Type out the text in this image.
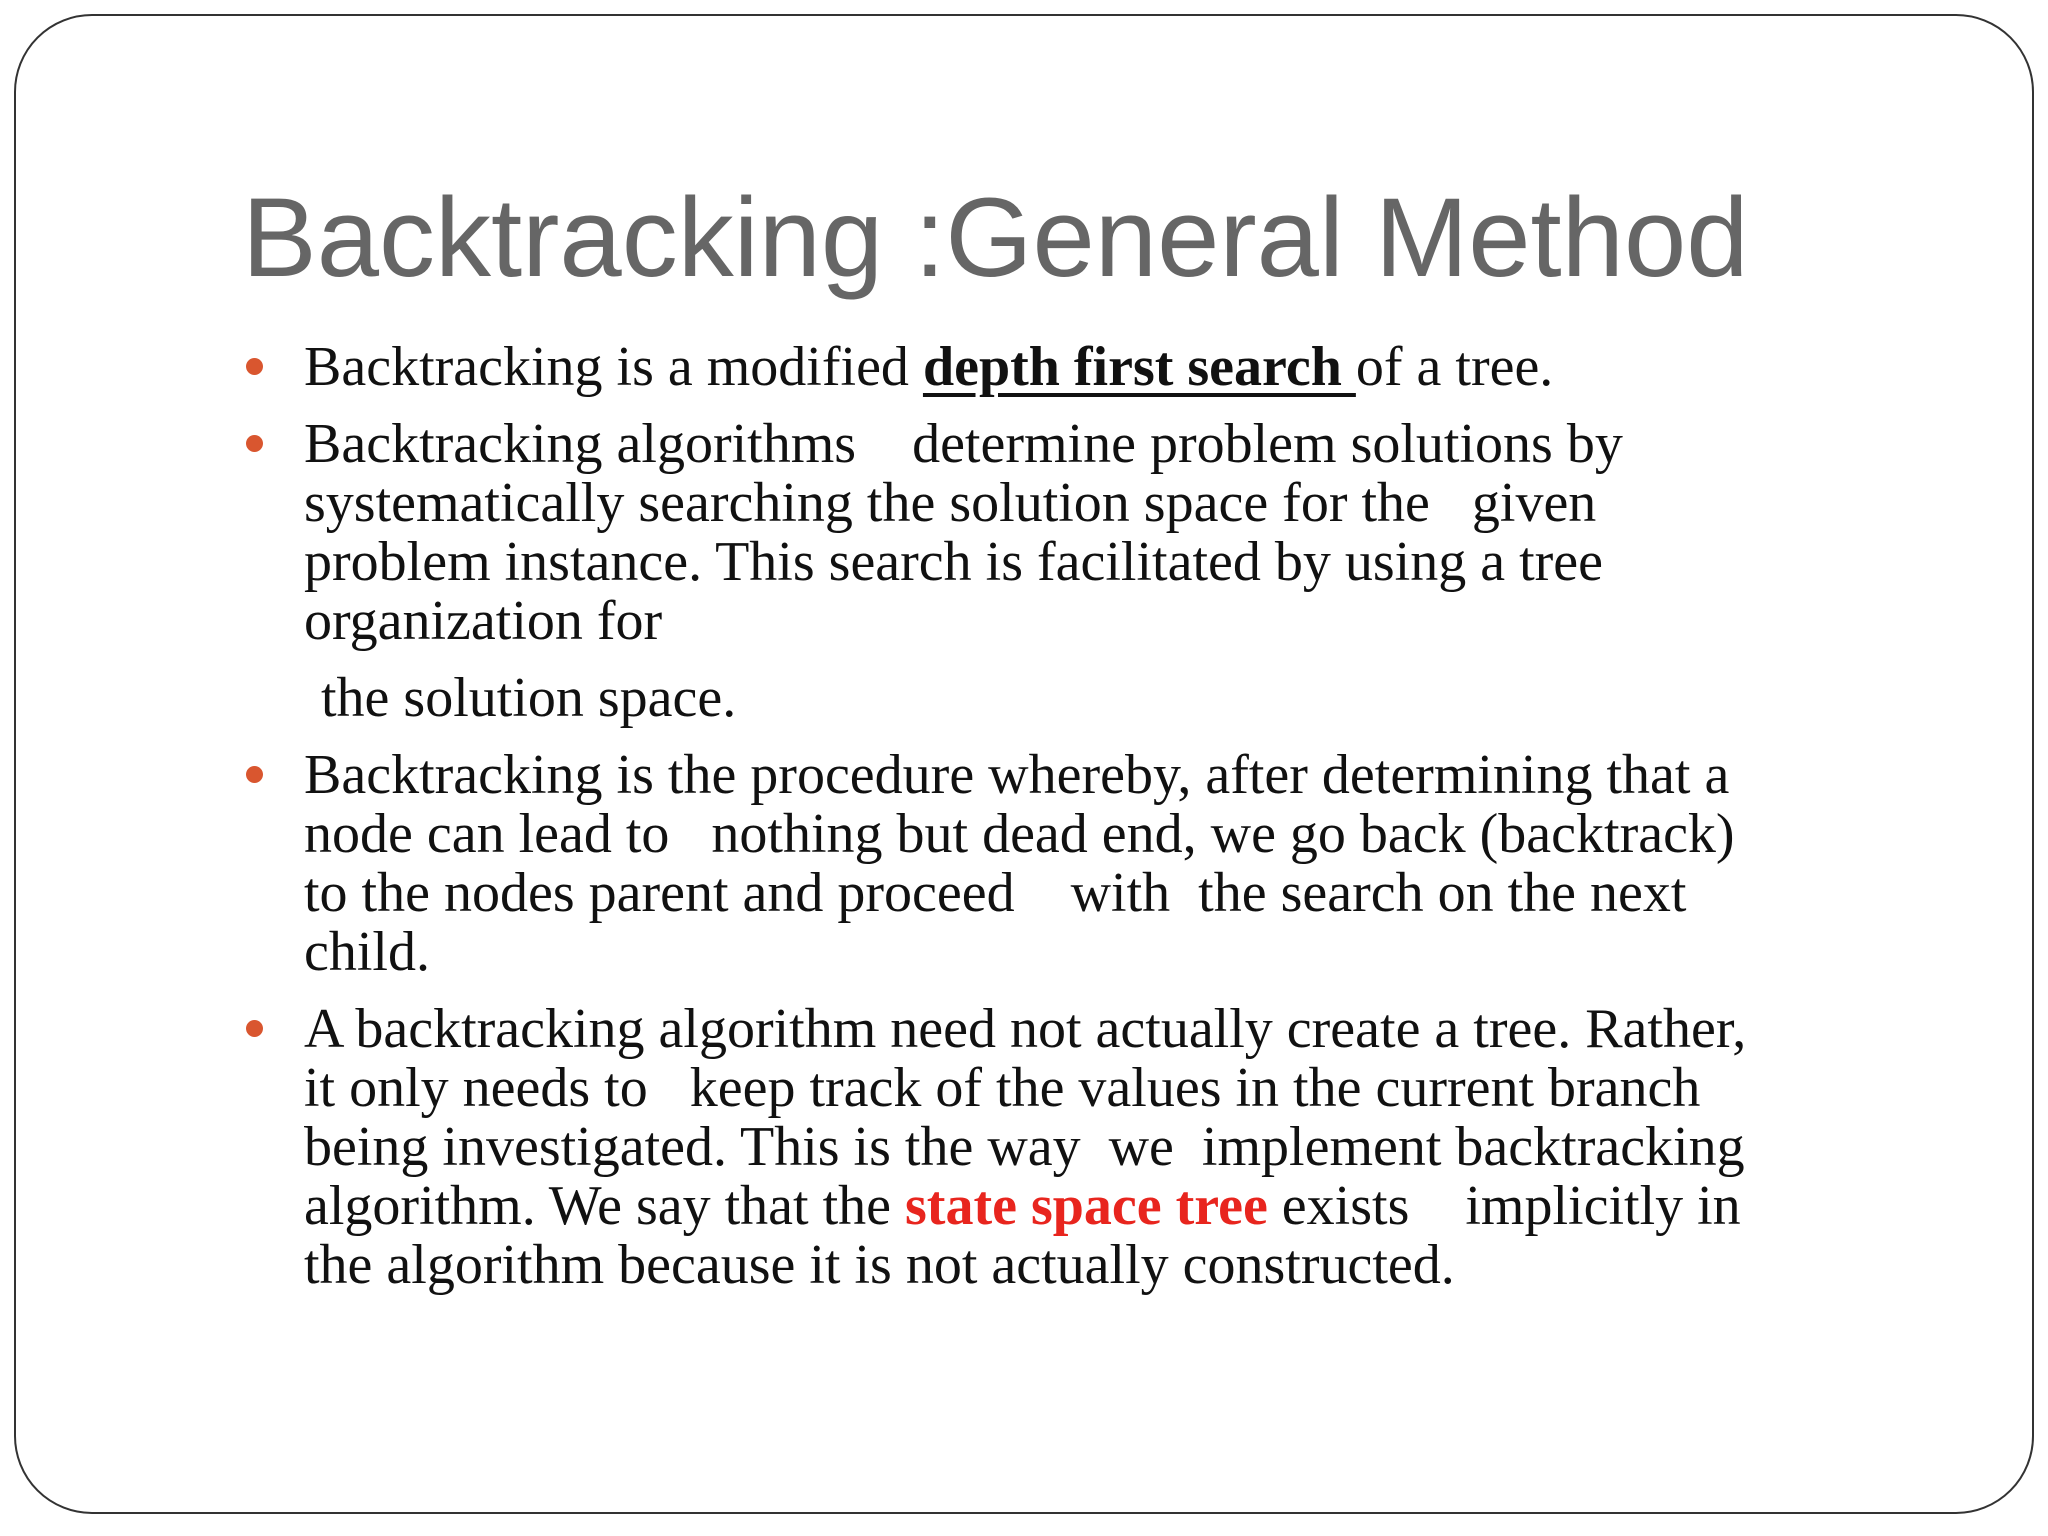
Backtracking :General Method
Backtracking is a modified depth first search of a tree.
Backtracking algorithms    determine problem solutions by
systematically searching the solution space for the   given
problem instance. This search is facilitated by using a tree
organization for
the solution space.
Backtracking is the procedure whereby, after determining that a
node can lead to   nothing but dead end, we go back (backtrack)
to the nodes parent and proceed    with  the search on the next
child.
A backtracking algorithm need not actually create a tree. Rather,
it only needs to   keep track of the values in the current branch
being investigated. This is the way  we  implement backtracking
algorithm. We say that the state space tree exists    implicitly in
the algorithm because it is not actually constructed.
